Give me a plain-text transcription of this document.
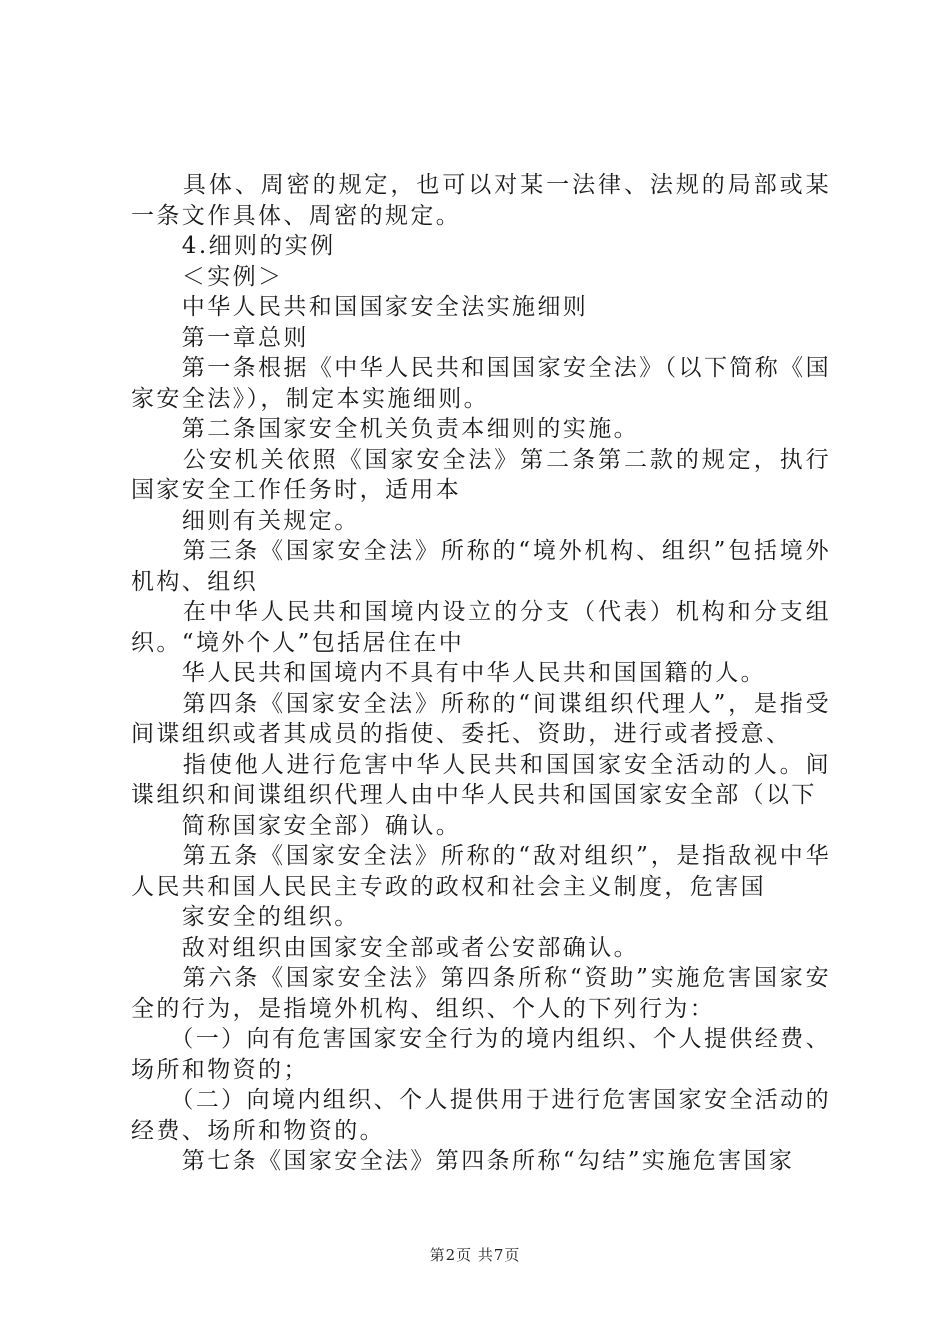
　　具体、周密的规定，也可以对某一法律、法规的局部或某一条文作具体、周密的规定。

　　4.细则的实例

　　＜实例＞

　　中华人民共和国国家安全法实施细则

　　第一章总则

　　第一条根据《中华人民共和国国家安全法》（以下简称《国家安全法》），制定本实施细则。

　　第二条国家安全机关负责本细则的实施。

　　公安机关依照《国家安全法》第二条第二款的规定，执行国家安全工作任务时，适用本

　　细则有关规定。

　　第三条《国家安全法》所称的“境外机构、组织”包括境外机构、组织

　　在中华人民共和国境内设立的分支（代表）机构和分支组织。“境外个人”包括居住在中

　　华人民共和国境内不具有中华人民共和国国籍的人。

　　第四条《国家安全法》所称的“间谍组织代理人”，是指受间谍组织或者其成员的指使、委托、资助，进行或者授意、

　　指使他人进行危害中华人民共和国国家安全活动的人。间谍组织和间谍组织代理人由中华人民共和国国家安全部（以下

　　简称国家安全部）确认。

　　第五条《国家安全法》所称的“敌对组织”，是指敌视中华人民共和国人民民主专政的政权和社会主义制度，危害国

　　家安全的组织。

　　敌对组织由国家安全部或者公安部确认。

　　第六条《国家安全法》第四条所称“资助”实施危害国家安全的行为，是指境外机构、组织、个人的下列行为：

　　（一）向有危害国家安全行为的境内组织、个人提供经费、场所和物资的；

　　（二）向境内组织、个人提供用于进行危害国家安全活动的经费、场所和物资的。

　　第七条《国家安全法》第四条所称“勾结”实施危害国家

第2页 共7页
